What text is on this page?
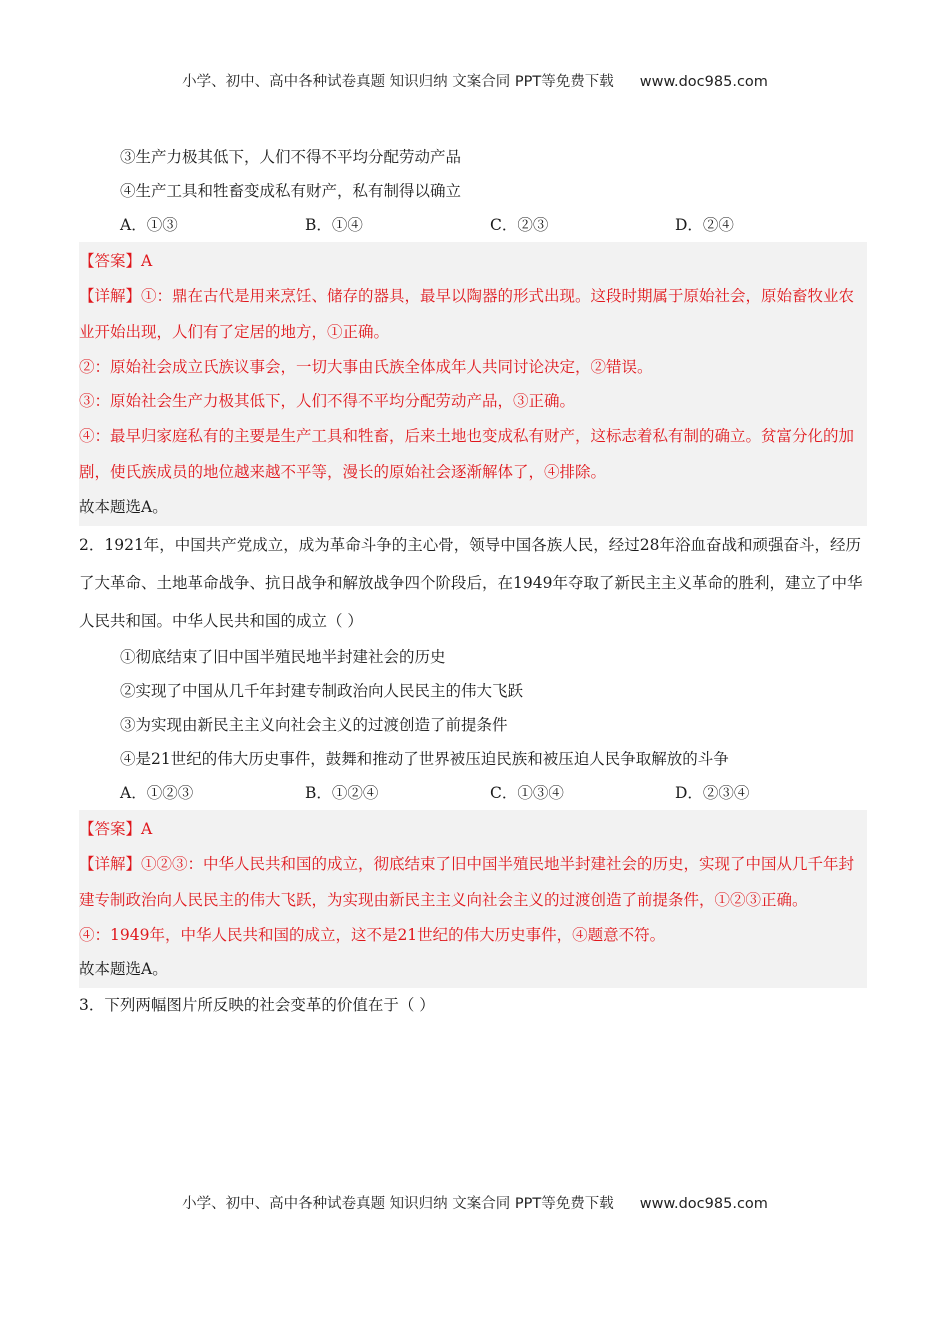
小学、初中、高中各种试卷真题 知识归纳 文案合同 PPT等免费下载 www.doc985.com
③生产力极其低下，人们不得不平均分配劳动产品
④生产工具和牲畜变成私有财产，私有制得以确立
A．①③	B．①④	C．②③	D．②④
【答案】A
【详解】①：鼎在古代是用来烹饪、储存的器具，最早以陶器的形式出现。这段时期属于原始社会，原始畜牧业农业开始出现，人们有了定居的地方，①正确。
②：原始社会成立氏族议事会，一切大事由氏族全体成年人共同讨论决定，②错误。
③：原始社会生产力极其低下，人们不得不平均分配劳动产品，③正确。
④：最早归家庭私有的主要是生产工具和牲畜，后来土地也变成私有财产，这标志着私有制的确立。贫富分化的加剧，使氏族成员的地位越来越不平等，漫长的原始社会逐渐解体了，④排除。
故本题选A。
2．1921年，中国共产党成立，成为革命斗争的主心骨，领导中国各族人民，经过28年浴血奋战和顽强奋斗，经历了大革命、土地革命战争、抗日战争和解放战争四个阶段后，在1949年夺取了新民主主义革命的胜利，建立了中华人民共和国。中华人民共和国的成立（ ）
①彻底结束了旧中国半殖民地半封建社会的历史
②实现了中国从几千年封建专制政治向人民民主的伟大飞跃
③为实现由新民主主义向社会主义的过渡创造了前提条件
④是21世纪的伟大历史事件，鼓舞和推动了世界被压迫民族和被压迫人民争取解放的斗争
A．①②③	B．①②④	C．①③④	D．②③④
【答案】A
【详解】①②③：中华人民共和国的成立，彻底结束了旧中国半殖民地半封建社会的历史，实现了中国从几千年封建专制政治向人民民主的伟大飞跃，为实现由新民主主义向社会主义的过渡创造了前提条件，①②③正确。
④：1949年，中华人民共和国的成立，这不是21世纪的伟大历史事件，④题意不符。
故本题选A。
3．下列两幅图片所反映的社会变革的价值在于（ ）
小学、初中、高中各种试卷真题 知识归纳 文案合同 PPT等免费下载 www.doc985.com
